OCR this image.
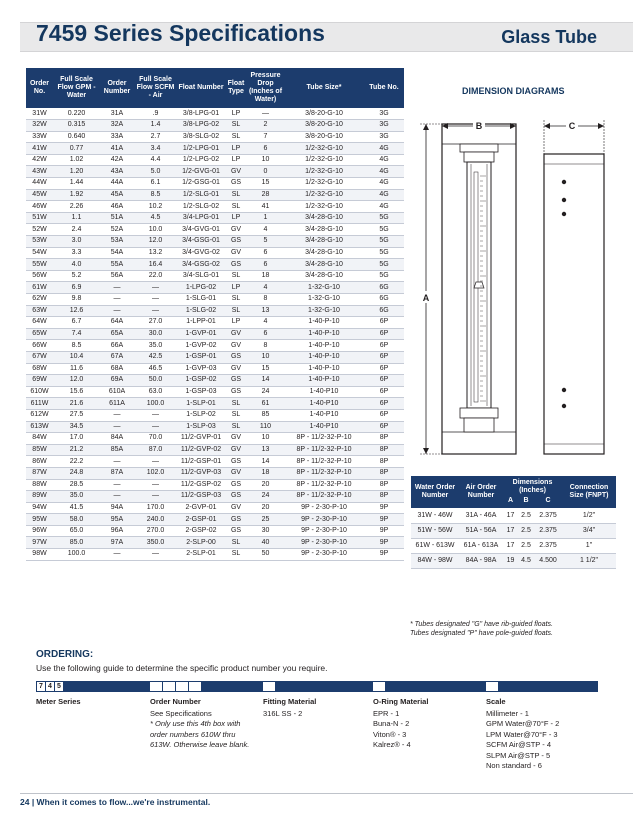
7459 Series Specifications	Glass Tube
Order No.	Full Scale Flow GPM - Water	Order Number	Full Scale Flow SCFM - Air	Float Number	Float Type	Pressure Drop (Inches of Water)	Tube Size*	Tube No.
31W	0.220	31A	.9	3/8-LPG-01	LP	—	3/8-20-G-10	3G
32W	0.315	32A	1.4	3/8-LPG-02	SL	2	3/8-20-G-10	3G
33W	0.640	33A	2.7	3/8-SLG-02	SL	7	3/8-20-G-10	3G
41W	0.77	41A	3.4	1/2-LPG-01	LP	6	1/2-32-G-10	4G
42W	1.02	42A	4.4	1/2-LPG-02	LP	10	1/2-32-G-10	4G
43W	1.20	43A	5.0	1/2-GVG-01	GV	0	1/2-32-G-10	4G
44W	1.44	44A	6.1	1/2-GSG-01	GS	15	1/2-32-G-10	4G
45W	1.92	45A	8.5	1/2-SLG-01	SL	28	1/2-32-G-10	4G
46W	2.26	46A	10.2	1/2-SLG-02	SL	41	1/2-32-G-10	4G
51W	1.1	51A	4.5	3/4-LPG-01	LP	1	3/4-28-G-10	5G
52W	2.4	52A	10.0	3/4-GVG-01	GV	4	3/4-28-G-10	5G
53W	3.0	53A	12.0	3/4-GSG-01	GS	5	3/4-28-G-10	5G
54W	3.3	54A	13.2	3/4-GVG-02	GV	6	3/4-28-G-10	5G
55W	4.0	55A	16.4	3/4-GSG-02	GS	6	3/4-28-G-10	5G
56W	5.2	56A	22.0	3/4-SLG-01	SL	18	3/4-28-G-10	5G
61W	6.9	—	—	1-LPG-02	LP	4	1-32-G-10	6G
62W	9.8	—	—	1-SLG-01	SL	8	1-32-G-10	6G
63W	12.6	—	—	1-SLG-02	SL	13	1-32-G-10	6G
64W	6.7	64A	27.0	1-LPP-01	LP	4	1-40-P-10	6P
65W	7.4	65A	30.0	1-GVP-01	GV	6	1-40-P-10	6P
66W	8.5	66A	35.0	1-GVP-02	GV	8	1-40-P-10	6P
67W	10.4	67A	42.5	1-GSP-01	GS	10	1-40-P-10	6P
68W	11.6	68A	46.5	1-GVP-03	GV	15	1-40-P-10	6P
69W	12.0	69A	50.0	1-GSP-02	GS	14	1-40-P-10	6P
610W	15.6	610A	63.0	1-GSP-03	GS	24	1-40-P10	6P
611W	21.6	611A	100.0	1-SLP-01	SL	61	1-40-P10	6P
612W	27.5	—	—	1-SLP-02	SL	85	1-40-P10	6P
613W	34.5	—	—	1-SLP-03	SL	110	1-40-P10	6P
84W	17.0	84A	70.0	11/2-GVP-01	GV	10	8P - 11/2-32-P-10	8P
85W	21.2	85A	87.0	11/2-GVP-02	GV	13	8P - 11/2-32-P-10	8P
86W	22.2	—	—	11/2-GSP-01	GS	14	8P - 11/2-32-P-10	8P
87W	24.8	87A	102.0	11/2-GVP-03	GV	18	8P - 11/2-32-P-10	8P
88W	28.5	—	—	11/2-GSP-02	GS	20	8P - 11/2-32-P-10	8P
89W	35.0	—	—	11/2-GSP-03	GS	24	8P - 11/2-32-P-10	8P
94W	41.5	94A	170.0	2-GVP-01	GV	20	9P - 2-30-P-10	9P
95W	58.0	95A	240.0	2-GSP-01	GS	25	9P - 2-30-P-10	9P
96W	65.0	96A	270.0	2-GSP-02	GS	30	9P - 2-30-P-10	9P
97W	85.0	97A	350.0	2-SLP-00	SL	40	9P - 2-30-P-10	9P
98W	100.0	—	—	2-SLP-01	SL	50	9P - 2-30-P-10	9P
DIMENSION DIAGRAMS
A
B	C
Water Order Number	Air Order Number	Dimensions (Inches)			Connection Size (FNPT)
		A	B	C	
31W - 46W	31A - 46A	17	2.5	2.375	1/2"
51W - 56W	51A - 56A	17	2.5	2.375	3/4"
61W - 613W	61A - 613A	17	2.5	2.375	1"
84W - 98W	84A - 98A	19	4.5	4.500	1 1/2"
* Tubes designated "G" have rib-guided floats.
Tubes designated "P" have pole-guided floats.
ORDERING:
Use the following guide to determine the specific product number you require.
7 4 5
Meter Series	Order Number
See Specifications
* Only use this 4th box with
order numbers 610W thru
613W. Otherwise leave blank.
Fitting Material
316L SS - 2
O-Ring Material
EPR - 1
Buna-N - 2
Viton® - 3
Kalrez® - 4
Scale
Millimeter - 1
GPM Water@70°F - 2
LPM Water@70°F - 3
SCFM Air@STP - 4
SLPM Air@STP - 5
Non standard - 6
24 | When it comes to flow...we're instrumental.
